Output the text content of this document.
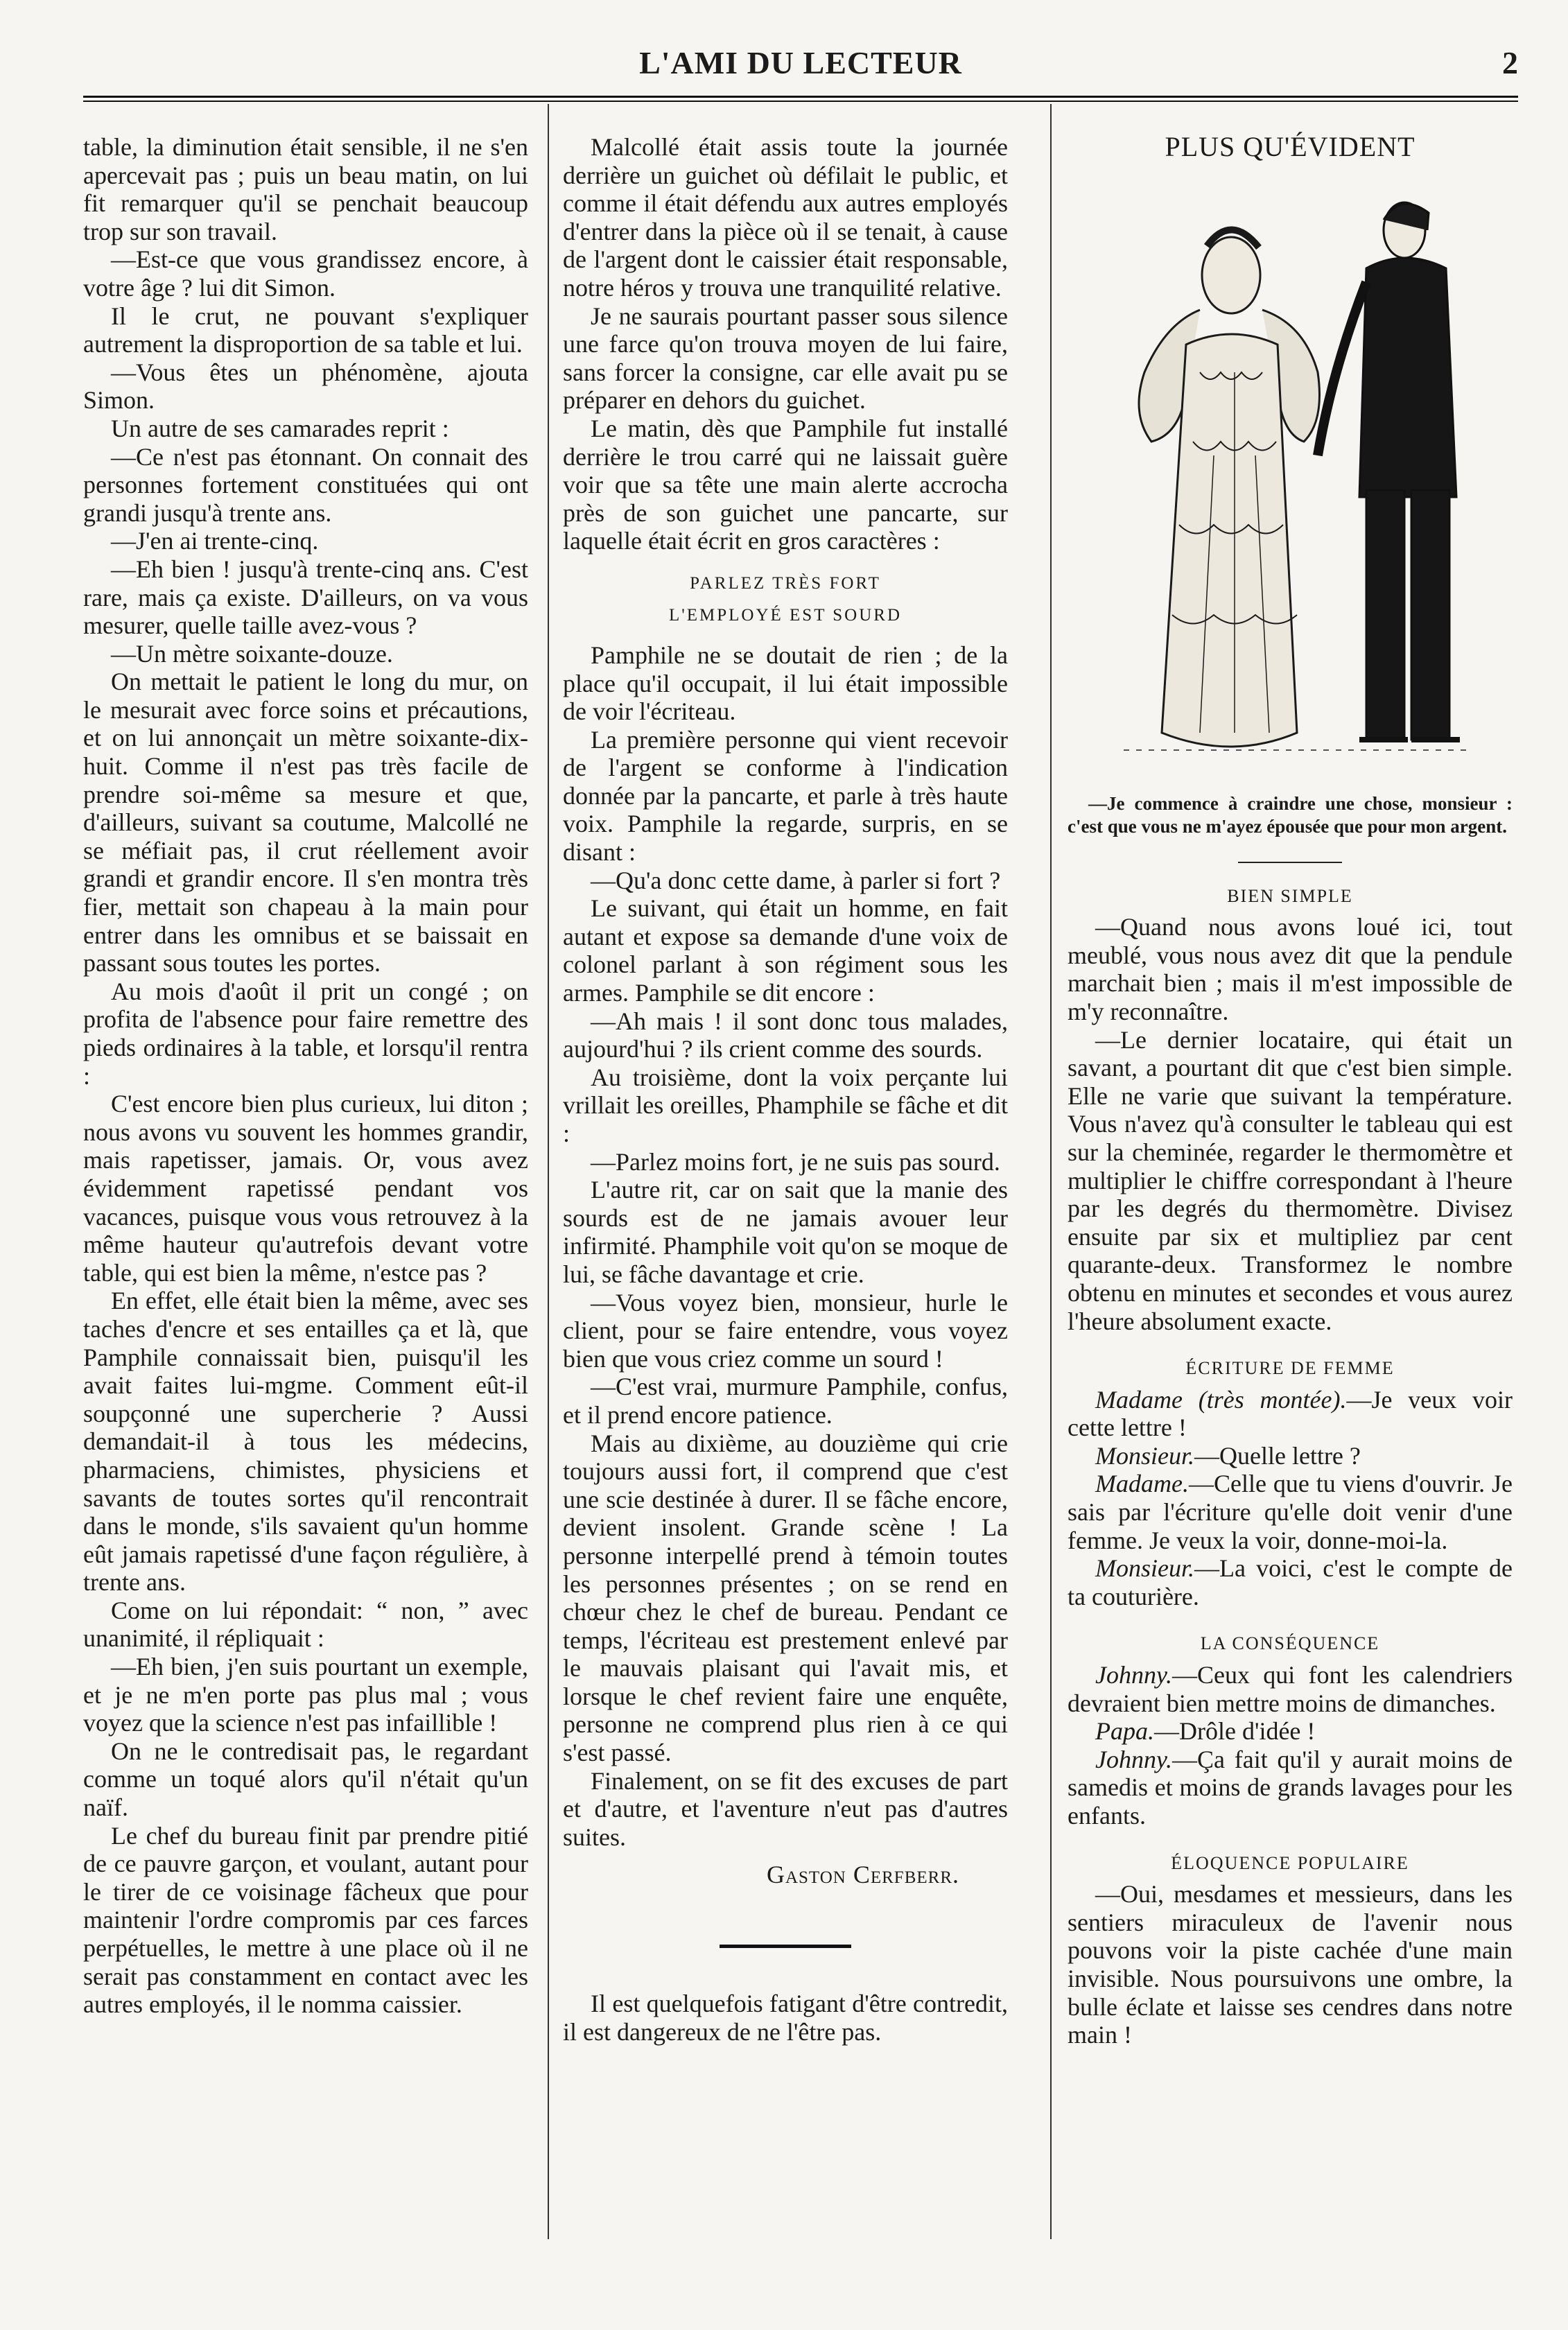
L'AMI DU LECTEUR	2

table, la diminution était sensible, il ne s'en apercevait pas ; puis un beau matin, on lui fit remarquer qu'il se penchait beaucoup trop sur son travail.

—Est-ce que vous grandissez encore, à votre âge ? lui dit Simon.

Il le crut, ne pouvant s'expliquer autrement la disproportion de sa table et lui.

—Vous êtes un phénomène, ajouta Simon.

Un autre de ses camarades reprit :

—Ce n'est pas étonnant. On connait des personnes fortement constituées qui ont grandi jusqu'à trente ans.

—J'en ai trente-cinq.

—Eh bien ! jusqu'à trente-cinq ans. C'est rare, mais ça existe. D'ailleurs, on va vous mesurer, quelle taille avez-vous ?

—Un mètre soixante-douze.

On mettait le patient le long du mur, on le mesurait avec force soins et précautions, et on lui annonçait un mètre soixante-dix-huit. Comme il n'est pas très facile de prendre soi-même sa mesure et que, d'ailleurs, suivant sa coutume, Malcollé ne se méfiait pas, il crut réellement avoir grandi et grandir encore. Il s'en montra très fier, mettait son chapeau à la main pour entrer dans les omnibus et se baissait en passant sous toutes les portes.

Au mois d'août il prit un congé ; on profita de l'absence pour faire remettre des pieds ordinaires à la table, et lorsqu'il rentra :

C'est encore bien plus curieux, lui diton ; nous avons vu souvent les hommes grandir, mais rapetisser, jamais. Or, vous avez évidemment rapetissé pendant vos vacances, puisque vous vous retrouvez à la même hauteur qu'autrefois devant votre table, qui est bien la même, n'estce pas ?

En effet, elle était bien la même, avec ses taches d'encre et ses entailles ça et là, que Pamphile connaissait bien, puisqu'il les avait faites lui-mgme. Comment eût-il soupçonné une supercherie ? Aussi demandait-il à tous les médecins, pharmaciens, chimistes, physiciens et savants de toutes sortes qu'il rencontrait dans le monde, s'ils savaient qu'un homme eût jamais rapetissé d'une façon régulière, à trente ans.

Come on lui répondait: “ non, ” avec unanimité, il répliquait :

—Eh bien, j'en suis pourtant un exemple, et je ne m'en porte pas plus mal ; vous voyez que la science n'est pas infaillible !

On ne le contredisait pas, le regardant comme un toqué alors qu'il n'était qu'un naïf.

Le chef du bureau finit par prendre pitié de ce pauvre garçon, et voulant, autant pour le tirer de ce voisinage fâcheux que pour maintenir l'ordre compromis par ces farces perpétuelles, le mettre à une place où il ne serait pas constamment en contact avec les autres employés, il le nomma caissier.

Malcollé était assis toute la journée derrière un guichet où défilait le public, et comme il était défendu aux autres employés d'entrer dans la pièce où il se tenait, à cause de l'argent dont le caissier était responsable, notre héros y trouva une tranquilité relative.

Je ne saurais pourtant passer sous silence une farce qu'on trouva moyen de lui faire, sans forcer la consigne, car elle avait pu se préparer en dehors du guichet.

Le matin, dès que Pamphile fut installé derrière le trou carré qui ne laissait guère voir que sa tête une main alerte accrocha près de son guichet une pancarte, sur laquelle était écrit en gros caractères :

PARLEZ TRÈS FORT
L'EMPLOYÉ EST SOURD

Pamphile ne se doutait de rien ; de la place qu'il occupait, il lui était impossible de voir l'écriteau.

La première personne qui vient recevoir de l'argent se conforme à l'indication donnée par la pancarte, et parle à très haute voix. Pamphile la regarde, surpris, en se disant :

—Qu'a donc cette dame, à parler si fort ?

Le suivant, qui était un homme, en fait autant et expose sa demande d'une voix de colonel parlant à son régiment sous les armes. Pamphile se dit encore :

—Ah mais ! il sont donc tous malades, aujourd'hui ? ils crient comme des sourds.

Au troisième, dont la voix perçante lui vrillait les oreilles, Phamphile se fâche et dit :

—Parlez moins fort, je ne suis pas sourd.

L'autre rit, car on sait que la manie des sourds est de ne jamais avouer leur infirmité. Phamphile voit qu'on se moque de lui, se fâche davantage et crie.

—Vous voyez bien, monsieur, hurle le client, pour se faire entendre, vous voyez bien que vous criez comme un sourd !

—C'est vrai, murmure Pamphile, confus, et il prend encore patience.

Mais au dixième, au douzième qui crie toujours aussi fort, il comprend que c'est une scie destinée à durer. Il se fâche encore, devient insolent. Grande scène ! La personne interpellé prend à témoin toutes les personnes présentes ; on se rend en chœur chez le chef de bureau. Pendant ce temps, l'écriteau est prestement enlevé par le mauvais plaisant qui l'avait mis, et lorsque le chef revient faire une enquête, personne ne comprend plus rien à ce qui s'est passé.

Finalement, on se fit des excuses de part et d'autre, et l'aventure n'eut pas d'autres suites.

Gaston Cerfberr.

Il est quelquefois fatigant d'être contredit, il est dangereux de ne l'être pas.

PLUS QU'ÉVIDENT
—Je commence à craindre une chose, monsieur : c'est que vous ne m'ayez épousée que pour mon argent.
BIEN SIMPLE

—Quand nous avons loué ici, tout meublé, vous nous avez dit que la pendule marchait bien ; mais il m'est impossible de m'y reconnaître.

—Le dernier locataire, qui était un savant, a pourtant dit que c'est bien simple. Elle ne varie que suivant la température. Vous n'avez qu'à consulter le tableau qui est sur la cheminée, regarder le thermomètre et multiplier le chiffre correspondant à l'heure par les degrés du thermomètre. Divisez ensuite par six et multipliez par cent quarante-deux. Transformez le nombre obtenu en minutes et secondes et vous aurez l'heure absolument exacte.

ÉCRITURE DE FEMME

Madame (très montée).—Je veux voir cette lettre !

Monsieur.—Quelle lettre ?

Madame.—Celle que tu viens d'ouvrir. Je sais par l'écriture qu'elle doit venir d'une femme. Je veux la voir, donne-moi-la.

Monsieur.—La voici, c'est le compte de ta couturière.

LA CONSÉQUENCE

Johnny.—Ceux qui font les calendriers devraient bien mettre moins de dimanches.

Papa.—Drôle d'idée !

Johnny.—Ça fait qu'il y aurait moins de samedis et moins de grands lavages pour les enfants.

ÉLOQUENCE POPULAIRE

—Oui, mesdames et messieurs, dans les sentiers miraculeux de l'avenir nous pouvons voir la piste cachée d'une main invisible. Nous poursuivons une ombre, la bulle éclate et laisse ses cendres dans notre main !
